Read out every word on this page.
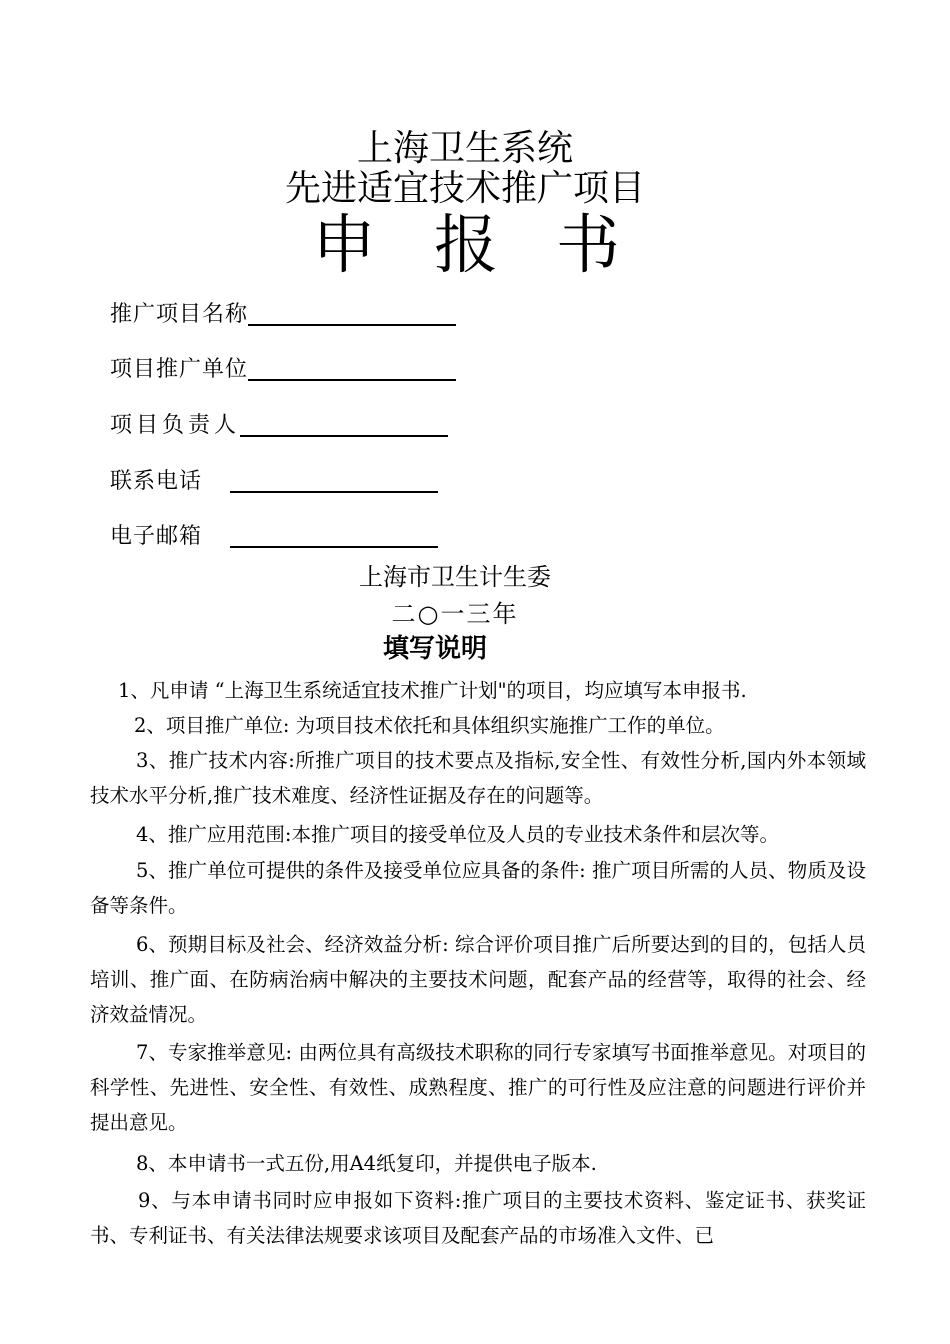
上海卫生系统
先进适宜技术推广项目
申报书
推广项目名称
项目推广单位
项目负责人
联系电话
电子邮箱
上海市卫生计生委
二○一三年
填写说明

1、凡申请 “上海卫生系统适宜技术推广计划"的项目，均应填写本申报书.

2、项目推广单位: 为项目技术依托和具体组织实施推广工作的单位。

3、推广技术内容:所推广项目的技术要点及指标,安全性、有效性分析,国内外本领域技术水平分析,推广技术难度、经济性证据及存在的问题等。

4、推广应用范围:本推广项目的接受单位及人员的专业技术条件和层次等。

5、推广单位可提供的条件及接受单位应具备的条件: 推广项目所需的人员、物质及设备等条件。

6、预期目标及社会、经济效益分析: 综合评价项目推广后所要达到的目的，包括人员培训、推广面、在防病治病中解决的主要技术问题，配套产品的经营等，取得的社会、经济效益情况。

7、专家推举意见: 由两位具有高级技术职称的同行专家填写书面推举意见。对项目的科学性、先进性、安全性、有效性、成熟程度、推广的可行性及应注意的问题进行评价并提出意见。

8、本申请书一式五份,用A4纸复印，并提供电子版本.

9、与本申请书同时应申报如下资料:推广项目的主要技术资料、鉴定证书、获奖证书、专利证书、有关法律法规要求该项目及配套产品的市场准入文件、已
